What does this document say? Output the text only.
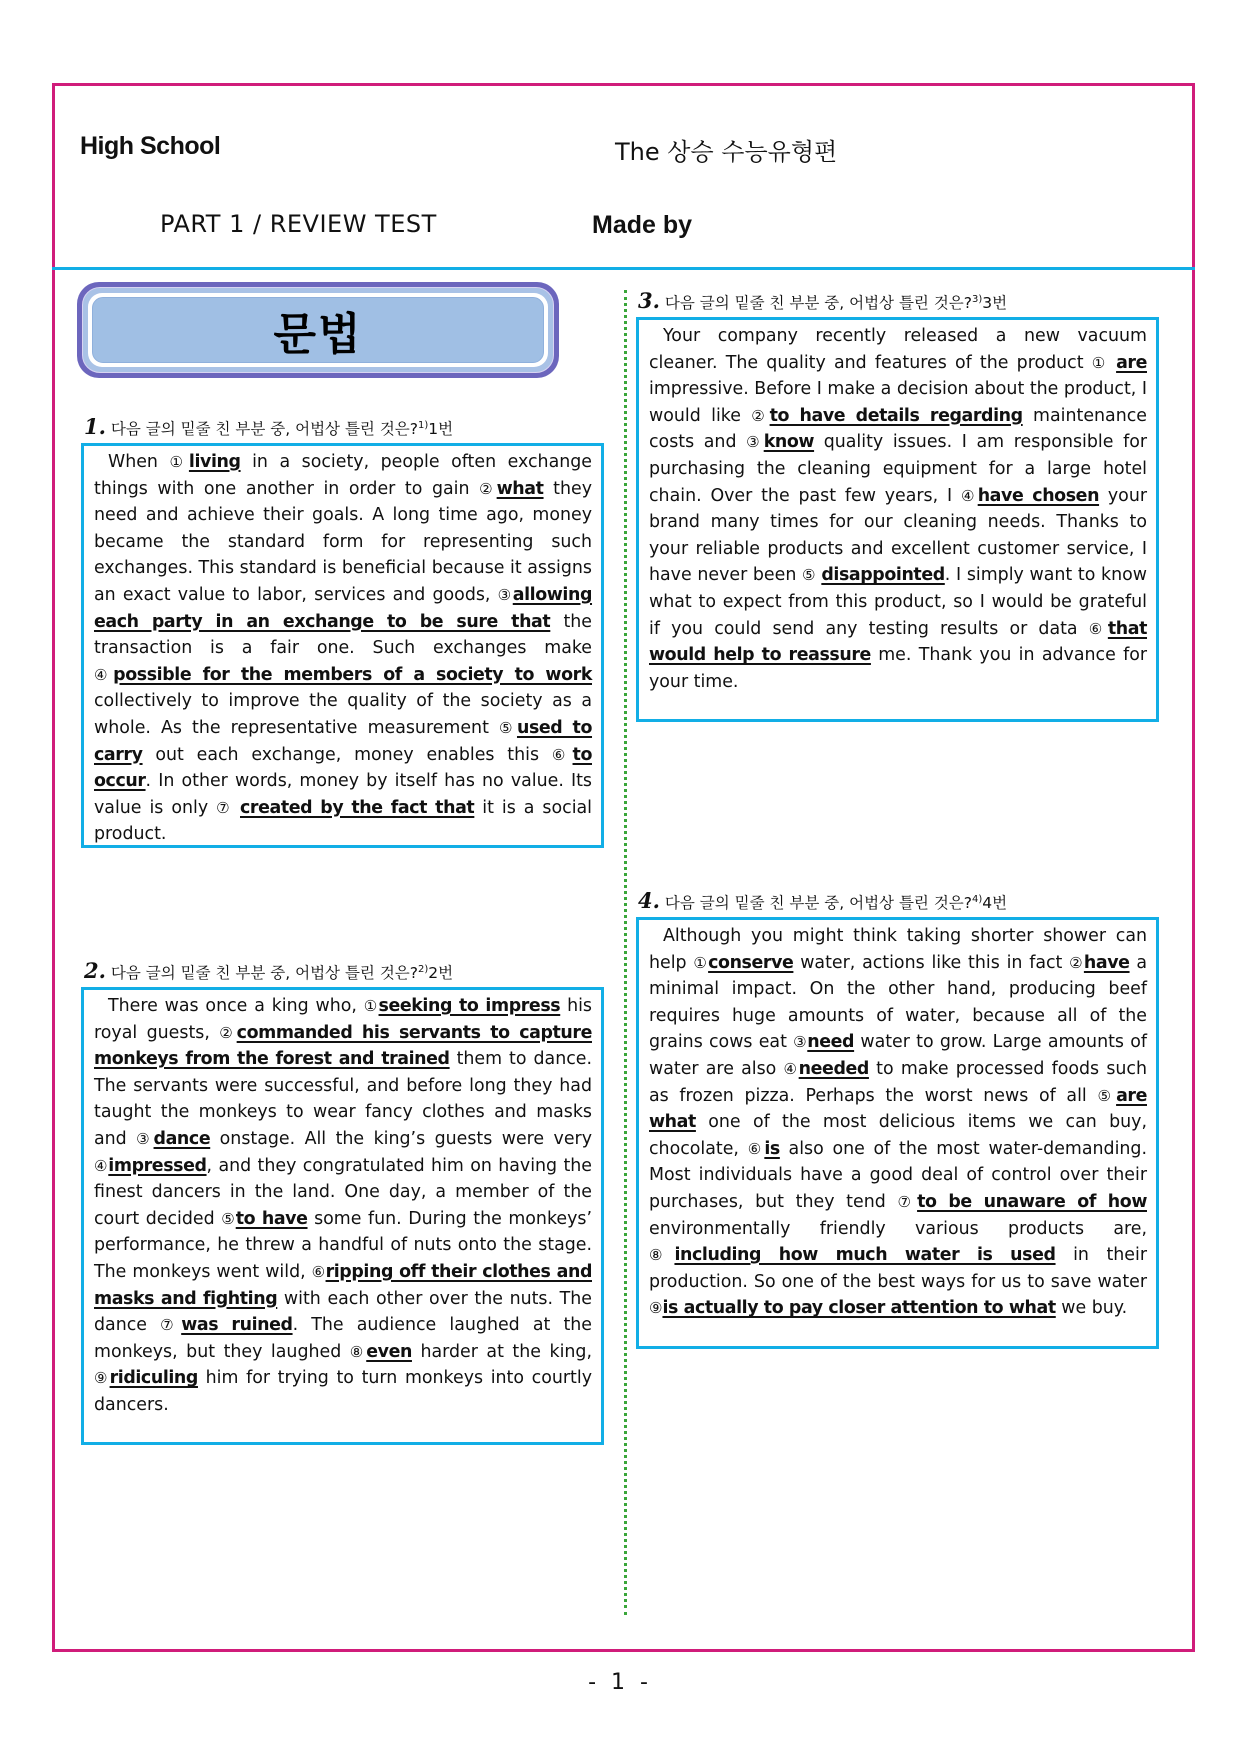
High School	The 상승 수능유형편
PART 1 / REVIEW TEST	Made by
문법
1. 다음 글의 밑줄 친 부분 중, 어법상 틀린 것은?$^{1)}$1번

When ①living in a society, people often exchange things with one another in order to gain ②what they need and achieve their goals. A long time ago, money became the standard form for representing such exchanges. This standard is beneficial because it assigns an exact value to labor, services and goods, ③allowing each party in an exchange to be sure that the transaction is a fair one. Such exchanges make ④possible for the members of a society to work collectively to improve the quality of the society as a whole. As the representative measurement ⑤used to carry out each exchange, money enables this ⑥to occur. In other words, money by itself has no value. Its value is only ⑦ created by the fact that it is a social product.

2. 다음 글의 밑줄 친 부분 중, 어법상 틀린 것은?$^{2)}$2번

There was once a king who, ①seeking to impress his royal guests, ②commanded his servants to capture monkeys from the forest and trained them to dance. The servants were successful, and before long they had taught the monkeys to wear fancy clothes and masks and ③dance onstage. All the king’s guests were very ④impressed, and they congratulated him on having the finest dancers in the land. One day, a member of the court decided ⑤to have some fun. During the monkeys’ performance, he threw a handful of nuts onto the stage. The monkeys went wild, ⑥ripping off their clothes and masks and fighting with each other over the nuts. The dance ⑦was ruined. The audience laughed at the monkeys, but they laughed ⑧even harder at the king, ⑨ridiculing him for trying to turn monkeys into courtly dancers.

3. 다음 글의 밑줄 친 부분 중, 어법상 틀린 것은?$^{3)}$3번

Your company recently released a new vacuum cleaner. The quality and features of the product ① are impressive. Before I make a decision about the product, I would like ②to have details regarding maintenance costs and ③know quality issues. I am responsible for purchasing the cleaning equipment for a large hotel chain. Over the past few years, I ④have chosen your brand many times for our cleaning needs. Thanks to your reliable products and excellent customer service, I have never been ⑤ disappointed. I simply want to know what to expect from this product, so I would be grateful if you could send any testing results or data ⑥that would help to reassure me. Thank you in advance for your time.

4. 다음 글의 밑줄 친 부분 중, 어법상 틀린 것은?$^{4)}$4번

Although you might think taking shorter shower can help ①conserve water, actions like this in fact ②have a minimal impact. On the other hand, producing beef requires huge amounts of water, because all of the grains cows eat ③need water to grow. Large amounts of water are also ④needed to make processed foods such as frozen pizza. Perhaps the worst news of all ⑤are what one of the most delicious items we can buy, chocolate, ⑥is also one of the most water-demanding. Most individuals have a good deal of control over their purchases, but they tend ⑦to be unaware of how environmentally friendly various products are, ⑧including how much water is used in their production. So one of the best ways for us to save water ⑨is actually to pay closer attention to what we buy.

- 1 -
